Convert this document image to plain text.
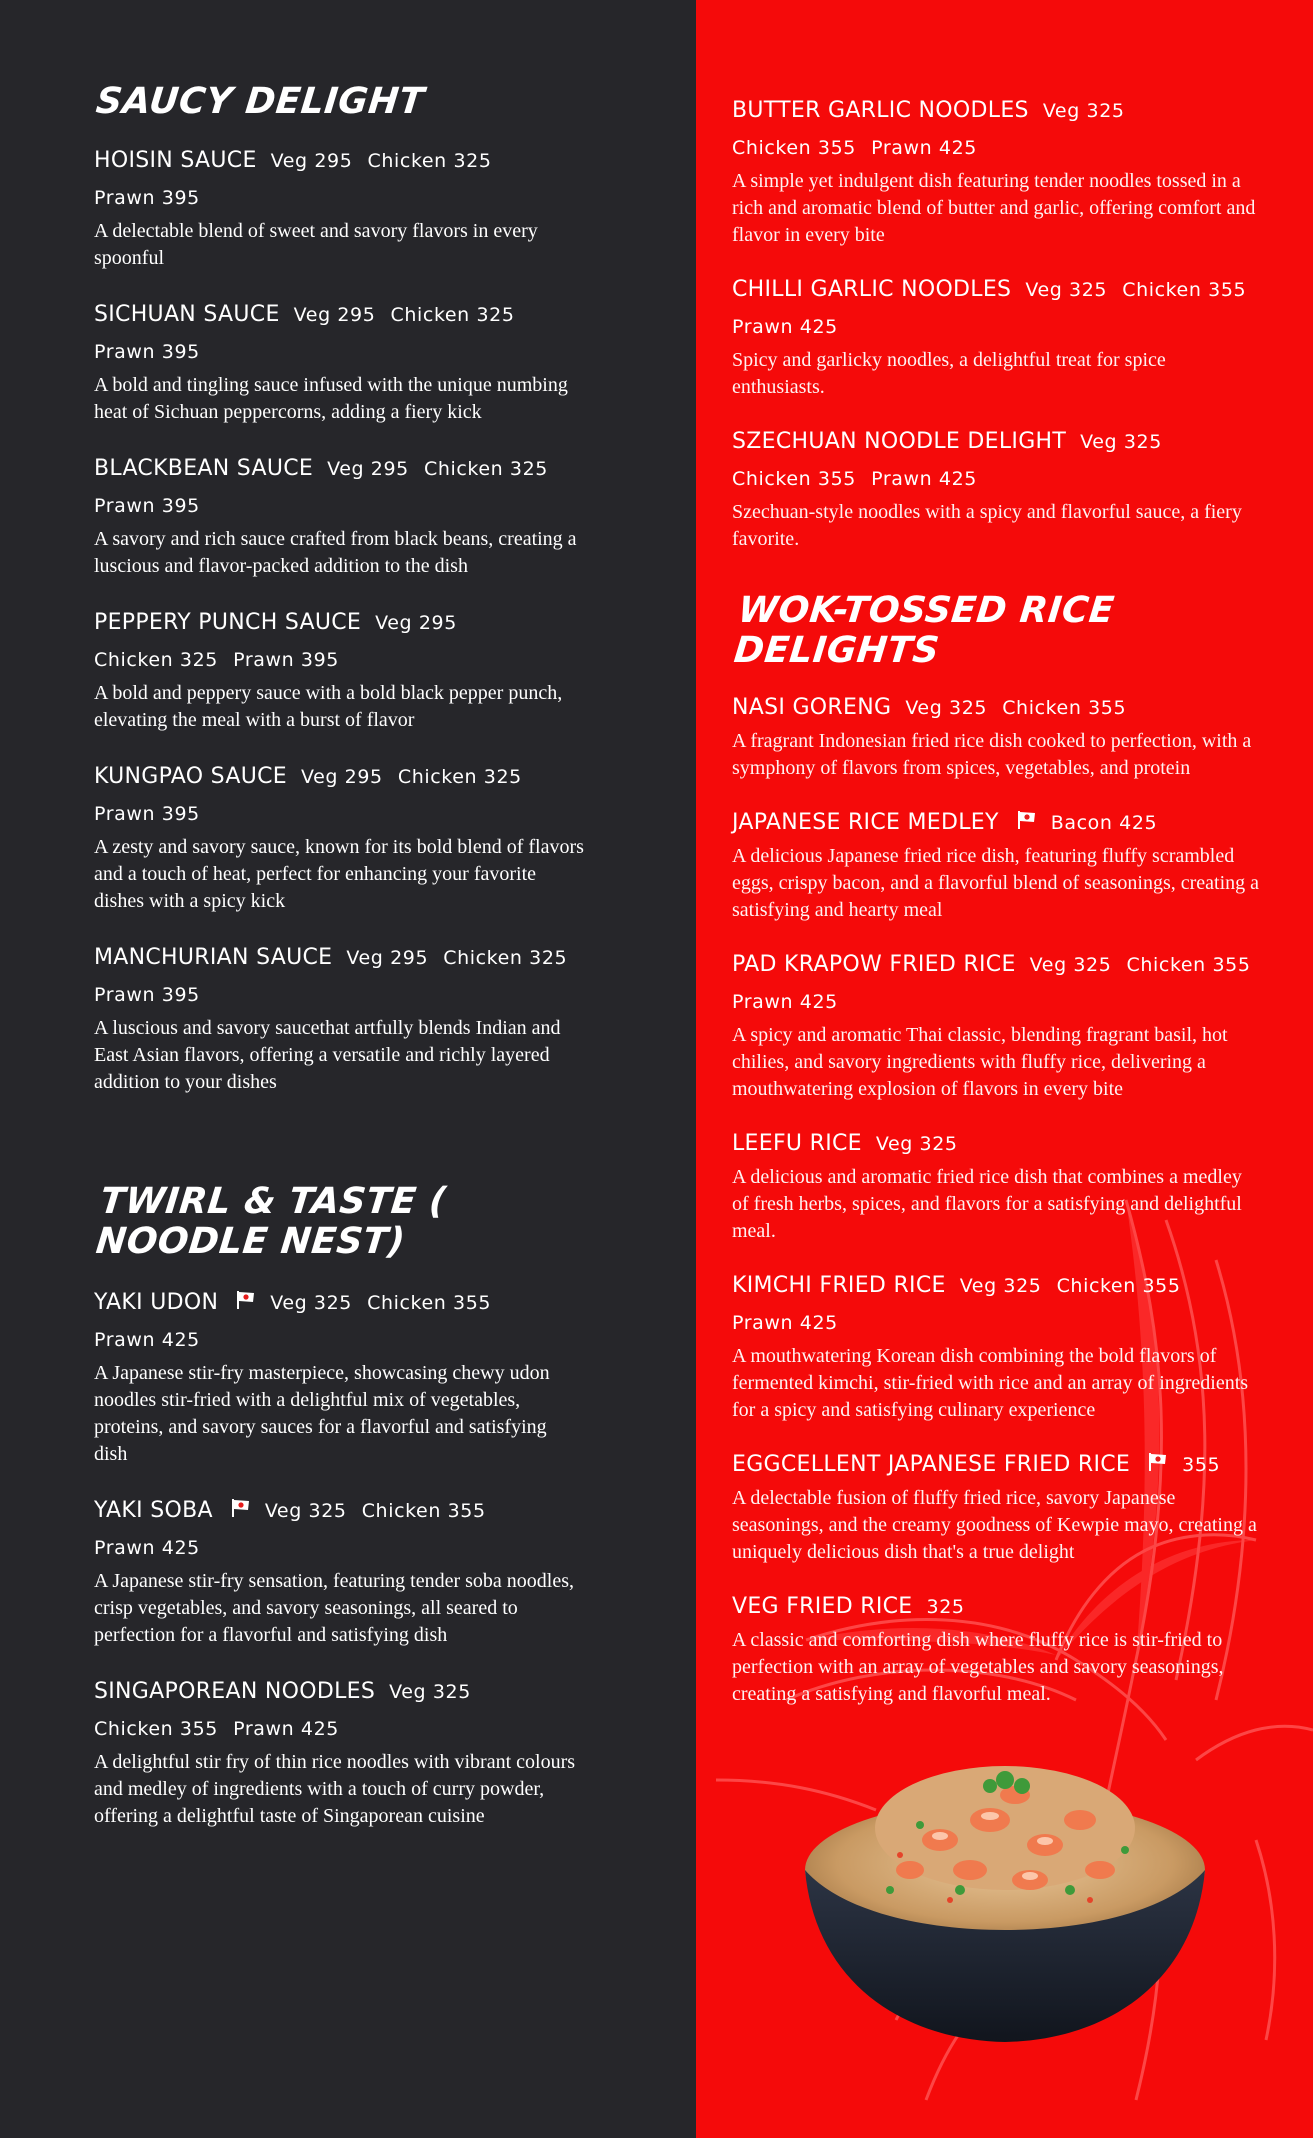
SAUCY DELIGHT
HOISIN SAUCE Veg 295 Chicken 325 Prawn 395
A delectable blend of sweet and savory flavors in every spoonful
SICHUAN SAUCE Veg 295 Chicken 325 Prawn 395
A bold and tingling sauce infused with the unique numbing heat of Sichuan peppercorns, adding a fiery kick
BLACKBEAN SAUCE Veg 295 Chicken 325 Prawn 395
A savory and rich sauce crafted from black beans, creating a luscious and flavor-packed addition to the dish
PEPPERY PUNCH SAUCE Veg 295 Chicken 325 Prawn 395
A bold and peppery sauce with a bold black pepper punch, elevating the meal with a burst of flavor
KUNGPAO SAUCE Veg 295 Chicken 325 Prawn 395
A zesty and savory sauce, known for its bold blend of flavors and a touch of heat, perfect for enhancing your favorite dishes with a spicy kick
MANCHURIAN SAUCE Veg 295 Chicken 325 Prawn 395
A luscious and savory saucethat artfully blends Indian and East Asian flavors, offering a versatile and richly layered addition to your dishes
TWIRL & TASTE ( NOODLE NEST)
YAKI UDON	Veg 325 Chicken 355 Prawn 425
A Japanese stir-fry masterpiece, showcasing chewy udon noodles stir-fried with a delightful mix of vegetables, proteins, and savory sauces for a flavorful and satisfying dish
YAKI SOBA	Veg 325 Chicken 355 Prawn 425
A Japanese stir-fry sensation, featuring tender soba noodles, crisp vegetables, and savory seasonings, all seared to perfection for a flavorful and satisfying dish
SINGAPOREAN NOODLES Veg 325 Chicken 355 Prawn 425
A delightful stir fry of thin rice noodles with vibrant colours and medley of ingredients with a touch of curry powder, offering a delightful taste of Singaporean cuisine
BUTTER GARLIC NOODLES Veg 325 Chicken 355 Prawn 425
A simple yet indulgent dish featuring tender noodles tossed in a rich and aromatic blend of butter and garlic, offering comfort and flavor in every bite
CHILLI GARLIC NOODLES Veg 325 Chicken 355 Prawn 425
Spicy and garlicky noodles, a delightful treat for spice enthusiasts.
SZECHUAN NOODLE DELIGHT Veg 325 Chicken 355 Prawn 425
Szechuan-style noodles with a spicy and flavorful sauce, a fiery favorite.
WOK-TOSSED RICE DELIGHTS
NASI GORENG Veg 325 Chicken 355
A fragrant Indonesian fried rice dish cooked to perfection, with a symphony of flavors from spices, vegetables, and protein
JAPANESE RICE MEDLEY	Bacon 425
A delicious Japanese fried rice dish, featuring fluffy scrambled eggs, crispy bacon, and a flavorful blend of seasonings, creating a satisfying and hearty meal
PAD KRAPOW FRIED RICE Veg 325 Chicken 355 Prawn 425
A spicy and aromatic Thai classic, blending fragrant basil, hot chilies, and savory ingredients with fluffy rice, delivering a mouthwatering explosion of flavors in every bite
LEEFU RICE Veg 325
A delicious and aromatic fried rice dish that combines a medley of fresh herbs, spices, and flavors for a satisfying and delightful meal.
KIMCHI FRIED RICE Veg 325 Chicken 355 Prawn 425
A mouthwatering Korean dish combining the bold flavors of fermented kimchi, stir-fried with rice and an array of ingredients for a spicy and satisfying culinary experience
EGGCELLENT JAPANESE FRIED RICE	355
A delectable fusion of fluffy fried rice, savory Japanese seasonings, and the creamy goodness of Kewpie mayo, creating a uniquely delicious dish that's a true delight
VEG FRIED RICE 325
A classic and comforting dish where fluffy rice is stir-fried to perfection with an array of vegetables and savory seasonings, creating a satisfying and flavorful meal.
